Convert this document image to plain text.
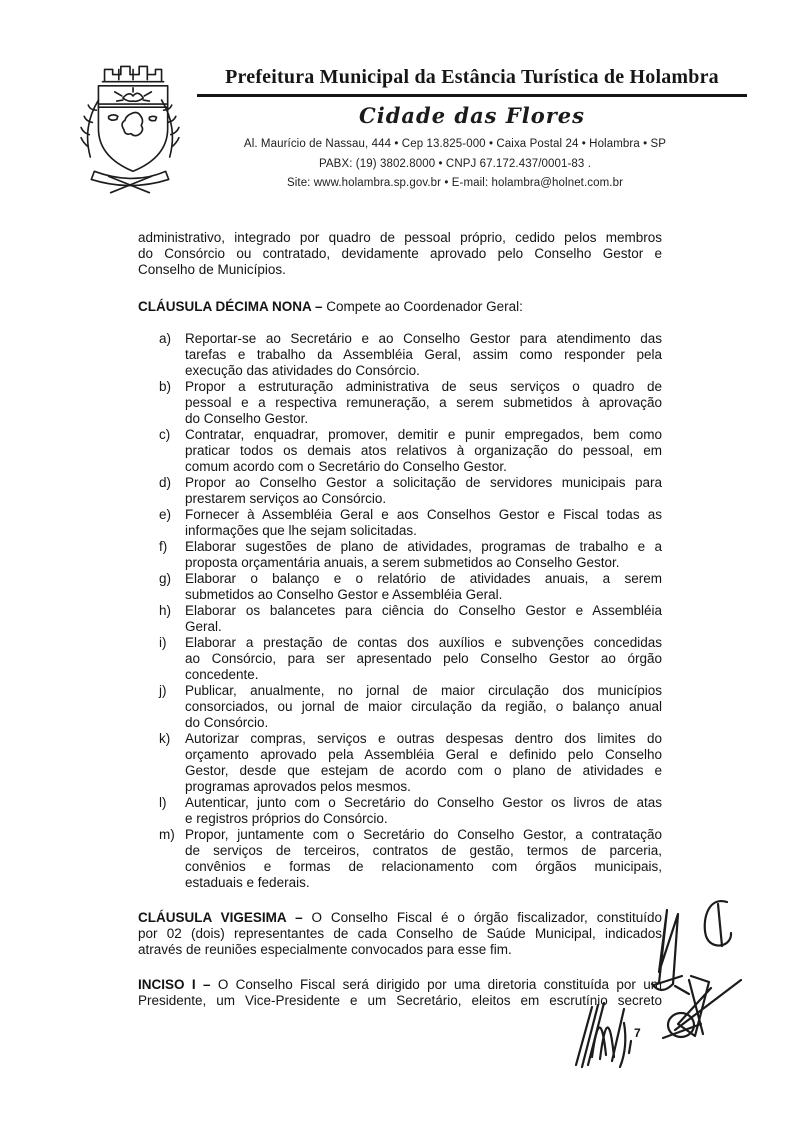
Prefeitura Municipal da Estância Turística de Holambra
Cidade das Flores
Al. Maurício de Nassau, 444 • Cep 13.825-000 • Caixa Postal 24 • Holambra • SP
PABX: (19) 3802.8000 • CNPJ 67.172.437/0001-83 .
Site: www.holambra.sp.gov.br • E-mail: holambra@holnet.com.br
administrativo, integrado por quadro de pessoal próprio, cedido pelos membros
do Consórcio ou contratado, devidamente aprovado pelo Conselho Gestor e
Conselho de Municípios.
CLÁUSULA DÉCIMA NONA – Compete ao Coordenador Geral:
a) Reportar-se ao Secretário e ao Conselho Gestor para atendimento das
tarefas e trabalho da Assembléia Geral, assim como responder pela
execução das atividades do Consórcio.
b) Propor a estruturação administrativa de seus serviços o quadro de
pessoal e a respectiva remuneração, a serem submetidos à aprovação
do Conselho Gestor.
c) Contratar, enquadrar, promover, demitir e punir empregados, bem como
praticar todos os demais atos relativos à organização do pessoal, em
comum acordo com o Secretário do Conselho Gestor.
d) Propor ao Conselho Gestor a solicitação de servidores municipais para
prestarem serviços ao Consórcio.
e) Fornecer à Assembléia Geral e aos Conselhos Gestor e Fiscal todas as
informações que lhe sejam solicitadas.
f) Elaborar sugestões de plano de atividades, programas de trabalho e a
proposta orçamentária anuais, a serem submetidos ao Conselho Gestor.
g) Elaborar o balanço e o relatório de atividades anuais, a serem
submetidos ao Conselho Gestor e Assembléia Geral.
h) Elaborar os balancetes para ciência do Conselho Gestor e Assembléia
Geral.
i) Elaborar a prestação de contas dos auxílios e subvenções concedidas
ao Consórcio, para ser apresentado pelo Conselho Gestor ao órgão
concedente.
j) Publicar, anualmente, no jornal de maior circulação dos municípios
consorciados, ou jornal de maior circulação da região, o balanço anual
do Consórcio.
k) Autorizar compras, serviços e outras despesas dentro dos limites do
orçamento aprovado pela Assembléia Geral e definido pelo Conselho
Gestor, desde que estejam de acordo com o plano de atividades e
programas aprovados pelos mesmos.
l) Autenticar, junto com o Secretário do Conselho Gestor os livros de atas
e registros próprios do Consórcio.
m) Propor, juntamente com o Secretário do Conselho Gestor, a contratação
de serviços de terceiros, contratos de gestão, termos de parceria,
convênios e formas de relacionamento com órgãos municipais,
estaduais e federais.
CLÁUSULA VIGESIMA – O Conselho Fiscal é o órgão fiscalizador, constituído
por 02 (dois) representantes de cada Conselho de Saúde Municipal, indicados
através de reuniões especialmente convocados para esse fim.
INCISO I – O Conselho Fiscal será dirigido por uma diretoria constituída por um
Presidente, um Vice-Presidente e um Secretário, eleitos em escrutínio secreto
7
